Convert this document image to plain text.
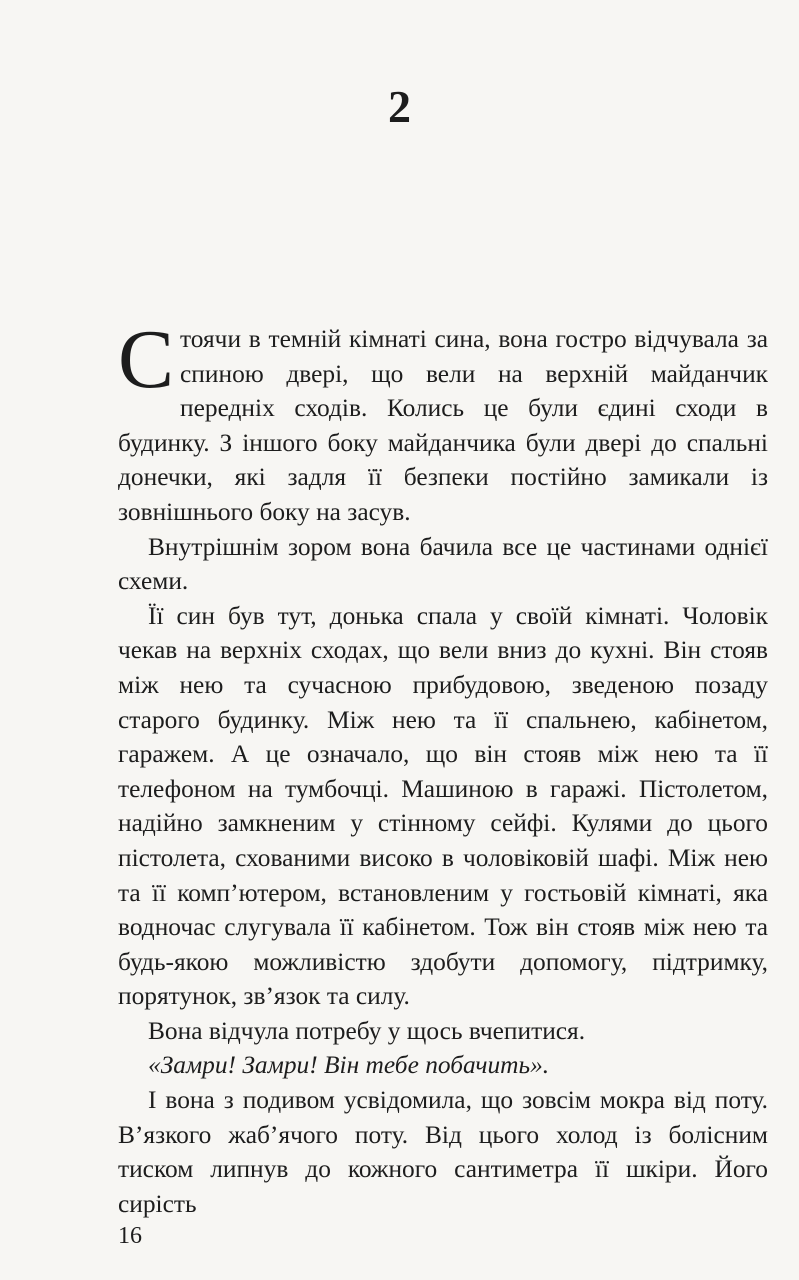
2

Стоячи в темній кімнаті сина, вона гостро відчувала за спиною двері, що вели на верхній майданчик передніх сходів. Колись це були єдині сходи в будинку. З іншого боку майданчика були двері до спальні донечки, які задля її безпеки постійно замикали із зовнішнього боку на засув.

Внутрішнім зором вона бачила все це частинами однієї схеми.

Її син був тут, донька спала у своїй кімнаті. Чоловік чекав на верхніх сходах, що вели вниз до кухні. Він стояв між нею та сучасною прибудовою, зведеною позаду старого будинку. Між нею та її спальнею, кабінетом, гаражем. А це означало, що він стояв між нею та її телефоном на тумбочці. Машиною в гаражі. Пістолетом, надійно замкненим у стінному сейфі. Кулями до цього пістолета, схованими високо в чоловіковій шафі. Між нею та її комп’ютером, встановленим у гостьовій кімнаті, яка водночас слугувала її кабінетом. Тож він стояв між нею та будь-якою можливістю здобути допомогу, підтримку, порятунок, зв’язок та силу.

Вона відчула потребу у щось вчепитися.

«Замри! Замри! Він тебе побачить».

І вона з подивом усвідомила, що зовсім мокра від поту. В’язкого жаб’ячого поту. Від цього холод із болісним тиском липнув до кожного сантиметра її шкіри. Його сирість

16
